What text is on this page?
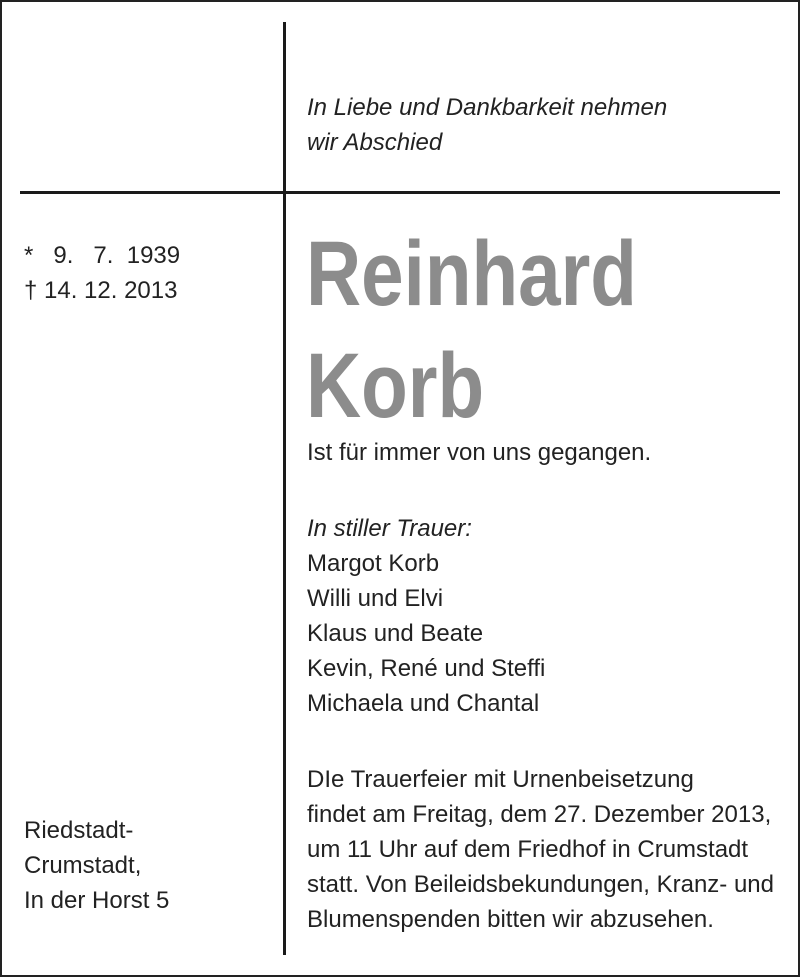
In Liebe und Dankbarkeit nehmen
wir Abschied
*   9.   7.  1939
† 14. 12. 2013 Reinhard
Korb
Ist für immer von uns gegangen.
In stiller Trauer:
Margot Korb
Willi und Elvi
Klaus und Beate
Kevin, René und Steffi
Michaela und Chantal
DIe Trauerfeier mit Urnenbeisetzung
findet am Freitag, dem 27. Dezember 2013,
um 11 Uhr auf dem Friedhof in Crumstadt
statt. Von Beileidsbekundungen, Kranz- und
Blumenspenden bitten wir abzusehen.
Riedstadt-
Crumstadt,
In der Horst 5
